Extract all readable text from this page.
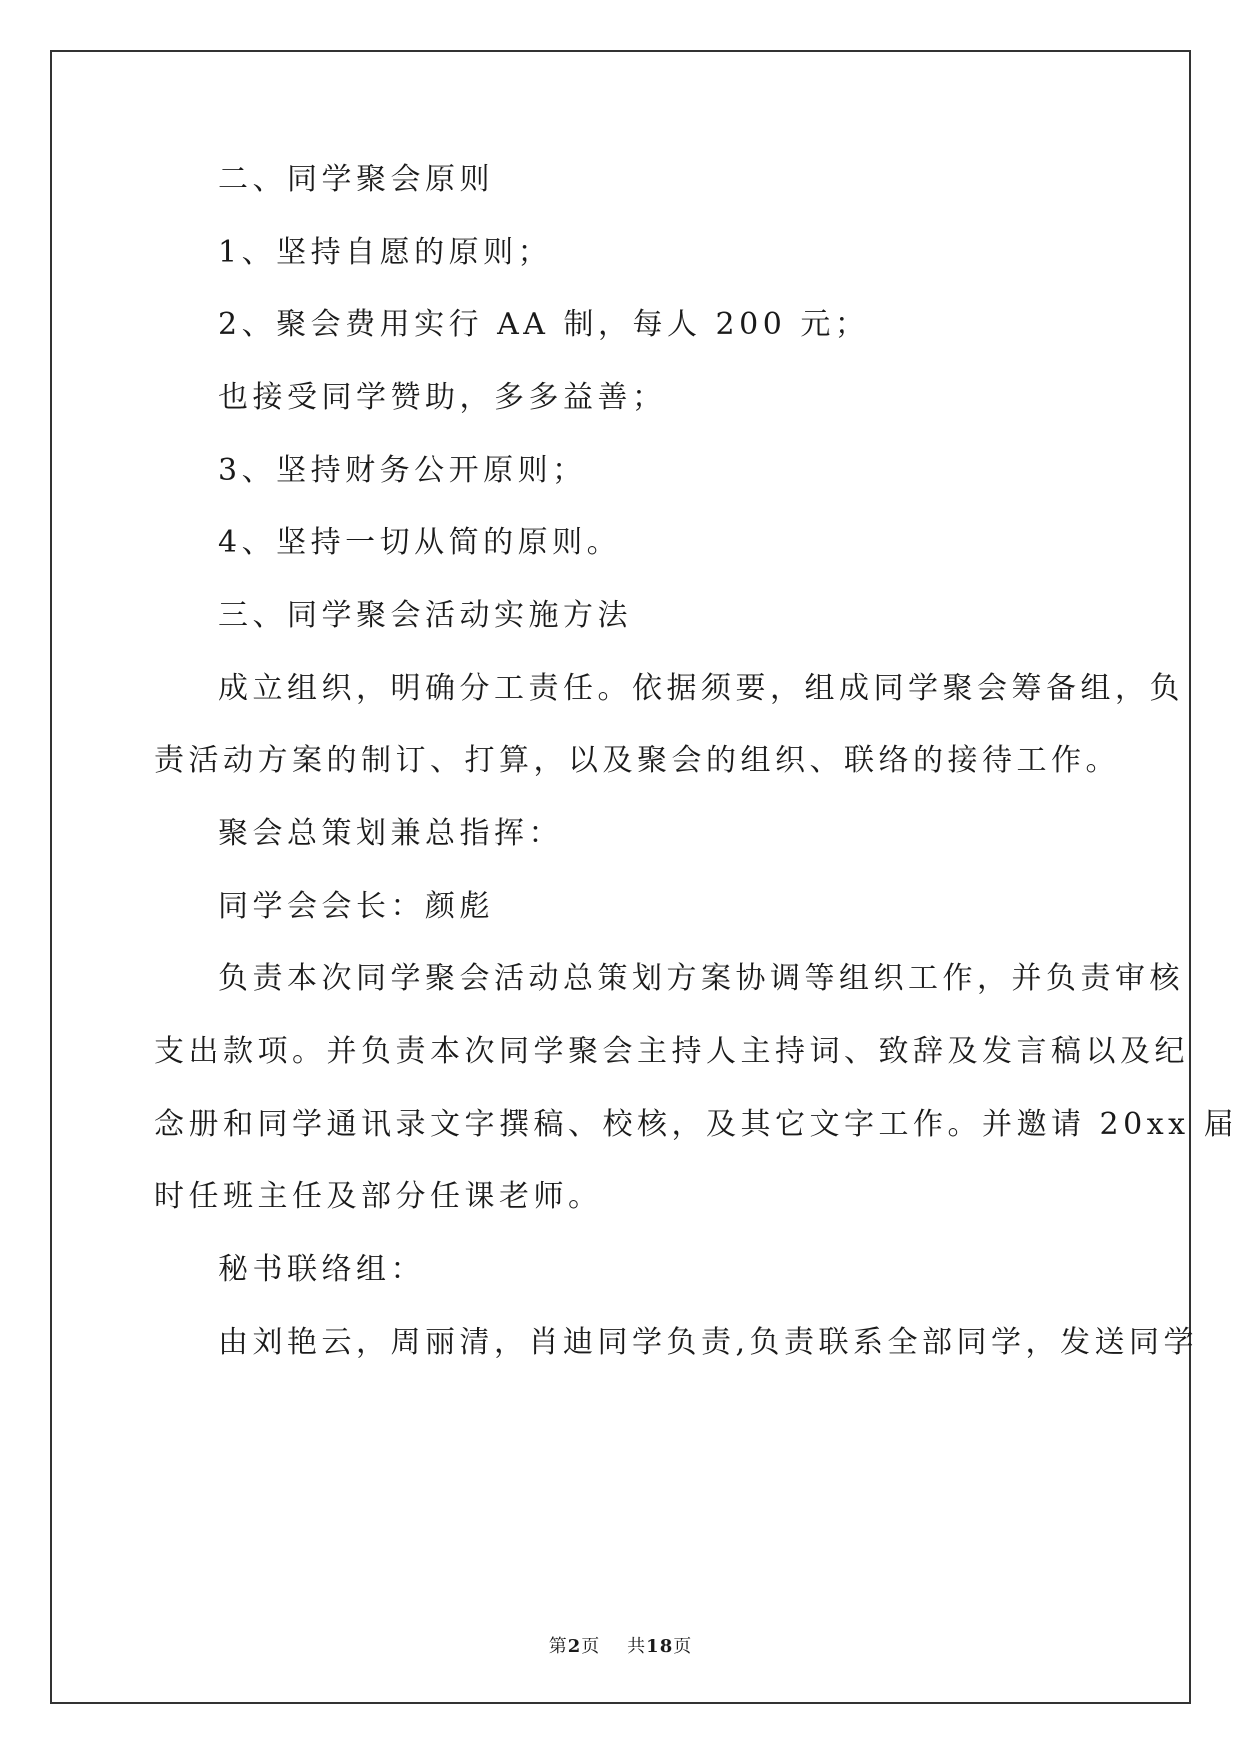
二、同学聚会原则
1、坚持自愿的原则；
2、聚会费用实行 AA 制，每人 200 元；
也接受同学赞助，多多益善；
3、坚持财务公开原则；
4、坚持一切从简的原则。
三、同学聚会活动实施方法
成立组织，明确分工责任。依据须要，组成同学聚会筹备组，负
责活动方案的制订、打算，以及聚会的组织、联络的接待工作。
聚会总策划兼总指挥：
同学会会长：颜彪
负责本次同学聚会活动总策划方案协调等组织工作，并负责审核
支出款项。并负责本次同学聚会主持人主持词、致辞及发言稿以及纪
念册和同学通讯录文字撰稿、校核，及其它文字工作。并邀请 20xx 届
时任班主任及部分任课老师。
秘书联络组：
由刘艳云，周丽清，肖迪同学负责,负责联系全部同学，发送同学
第2页 共18页
